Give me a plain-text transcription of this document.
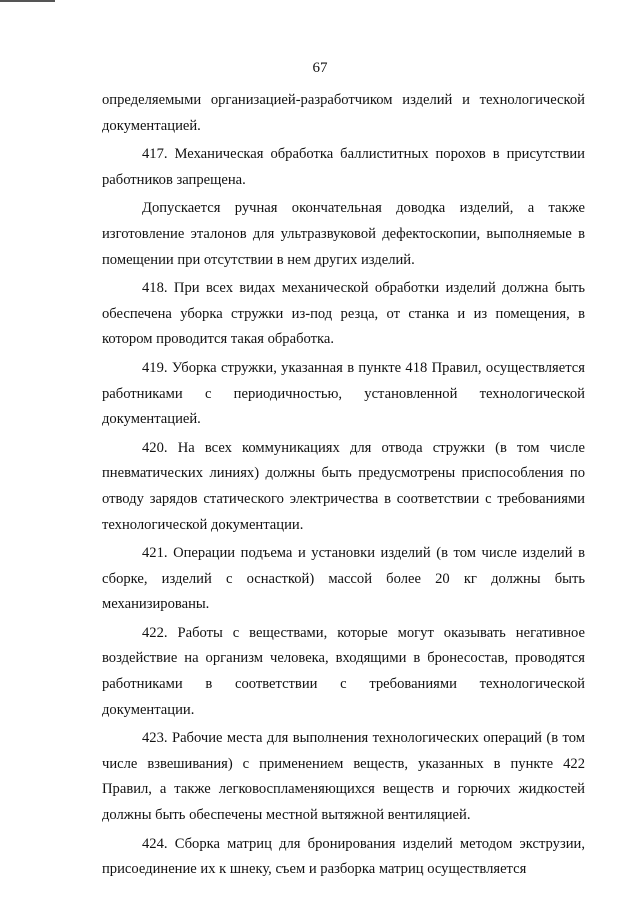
67

определяемыми организацией-разработчиком изделий и технологической документацией.

417. Механическая обработка баллиститных порохов в присутствии работников запрещена.

Допускается ручная окончательная доводка изделий, а также изготовление эталонов для ультразвуковой дефектоскопии, выполняемые в помещении при отсутствии в нем других изделий.

418. При всех видах механической обработки изделий должна быть обеспечена уборка стружки из-под резца, от станка и из помещения, в котором проводится такая обработка.

419. Уборка стружки, указанная в пункте 418 Правил, осуществляется работниками с периодичностью, установленной технологической документацией.

420. На всех коммуникациях для отвода стружки (в том числе пневматических линиях) должны быть предусмотрены приспособления по отводу зарядов статического электричества в соответствии с требованиями технологической документации.

421. Операции подъема и установки изделий (в том числе изделий в сборке, изделий с оснасткой) массой более 20 кг должны быть механизированы.

422. Работы с веществами, которые могут оказывать негативное воздействие на организм человека, входящими в бронесостав, проводятся работниками в соответствии с требованиями технологической документации.

423. Рабочие места для выполнения технологических операций (в том числе взвешивания) с применением веществ, указанных в пункте 422 Правил, а также легковоспламеняющихся веществ и горючих жидкостей должны быть обеспечены местной вытяжной вентиляцией.

424. Сборка матриц для бронирования изделий методом экструзии, присоединение их к шнеку, съем и разборка матриц осуществляется
